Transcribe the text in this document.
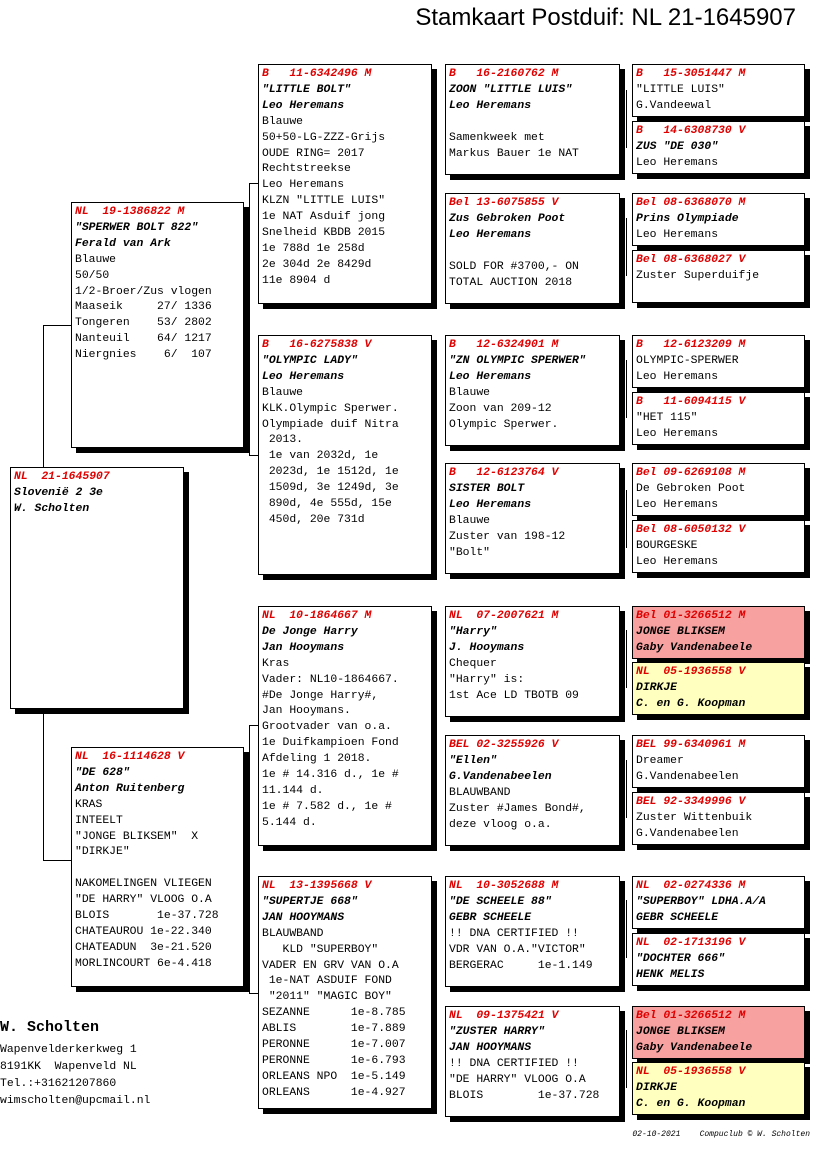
Stamkaart Postduif: NL 21-1645907
NL  21-1645907
Slovenië 2 3e
W. Scholten
NL  19-1386822 M
"SPERWER BOLT 822"
Ferald van Ark
Blauwe
50/50
1/2-Broer/Zus vlogen
Maaseik     27/ 1336
Tongeren    53/ 2802
Nanteuil    64/ 1217
Niergnies    6/  107
NL  16-1114628 V
"DE 628"
Anton Ruitenberg
KRAS
INTEELT
"JONGE BLIKSEM"  X
"DIRKJE"
NAKOMELINGEN VLIEGEN
"DE HARRY" VLOOG O.A
BLOIS       1e-37.728
CHATEAUROU 1e-22.340
CHATEADUN  3e-21.520
MORLINCOURT 6e-4.418
B   11-6342496 M
"LITTLE BOLT"
Leo Heremans
Blauwe
50+50-LG-ZZZ-Grijs
OUDE RING= 2017
Rechtstreekse
Leo Heremans
KLZN "LITTLE LUIS"
1e NAT Asduif jong
Snelheid KBDB 2015
1e 788d 1e 258d
2e 304d 2e 8429d
11e 8904 d
B   16-6275838 V
"OLYMPIC LADY"
Leo Heremans
Blauwe
KLK.Olympic Sperwer.
Olympiade duif Nitra
2013.
1e van 2032d, 1e
2023d, 1e 1512d, 1e
1509d, 3e 1249d, 3e
890d, 4e 555d, 15e
450d, 20e 731d
NL  10-1864667 M
De Jonge Harry
Jan Hooymans
Kras
Vader: NL10-1864667.
#De Jonge Harry#,
Jan Hooymans.
Grootvader van o.a.
1e Duifkampioen Fond
Afdeling 1 2018.
1e # 14.316 d., 1e #
11.144 d.
1e # 7.582 d., 1e #
5.144 d.
NL  13-1395668 V
"SUPERTJE 668"
JAN HOOYMANS
BLAUWBAND
KLD "SUPERBOY"
VADER EN GRV VAN O.A
1e-NAT ASDUIF FOND
"2011" "MAGIC BOY"
SEZANNE      1e-8.785
ABLIS        1e-7.889
PERONNE      1e-7.007
PERONNE      1e-6.793
ORLEANS NPO  1e-5.149
ORLEANS      1e-4.927
B   16-2160762 M
ZOON "LITTLE LUIS"
Leo Heremans
Samenkweek met
Markus Bauer 1e NAT
Bel 13-6075855 V
Zus Gebroken Poot
Leo Heremans
SOLD FOR #3700,- ON
TOTAL AUCTION 2018
B   12-6324901 M
"ZN OLYMPIC SPERWER"
Leo Heremans
Blauwe
Zoon van 209-12
Olympic Sperwer.
B   12-6123764 V
SISTER BOLT
Leo Heremans
Blauwe
Zuster van 198-12
"Bolt"
NL  07-2007621 M
"Harry"
J. Hooymans
Chequer
"Harry" is:
1st Ace LD TBOTB 09
BEL 02-3255926 V
"Ellen"
G.Vandenabeelen
BLAUWBAND
Zuster #James Bond#,
deze vloog o.a.
NL  10-3052688 M
"DE SCHEELE 88"
GEBR SCHEELE
!! DNA CERTIFIED !!
VDR VAN O.A."VICTOR"
BERGERAC     1e-1.149
NL  09-1375421 V
"ZUSTER HARRY"
JAN HOOYMANS
!! DNA CERTIFIED !!
"DE HARRY" VLOOG O.A
BLOIS        1e-37.728
B   15-3051447 M
"LITTLE LUIS"
G.Vandeewal
B   14-6308730 V
ZUS "DE 030"
Leo Heremans
Bel 08-6368070 M
Prins Olympiade
Leo Heremans
Bel 08-6368027 V
Zuster Superduifje
B   12-6123209 M
OLYMPIC-SPERWER
Leo Heremans
B   11-6094115 V
"HET 115"
Leo Heremans
Bel 09-6269108 M
De Gebroken Poot
Leo Heremans
Bel 08-6050132 V
BOURGESKE
Leo Heremans
Bel 01-3266512 M
JONGE BLIKSEM
Gaby Vandenabeele
NL  05-1936558 V
DIRKJE
C. en G. Koopman
BEL 99-6340961 M
Dreamer
G.Vandenabeelen
BEL 92-3349996 V
Zuster Wittenbuik
G.Vandenabeelen
NL  02-0274336 M
"SUPERBOY" LDHA.A/A
GEBR SCHEELE
NL  02-1713196 V
"DOCHTER 666"
HENK MELIS
Bel 01-3266512 M
JONGE BLIKSEM
Gaby Vandenabeele
NL  05-1936558 V
DIRKJE
C. en G. Koopman
W. Scholten
Wapenvelderkerkweg 1
8191KK  Wapenveld NL
Tel.:+31621207860
wimscholten@upcmail.nl
02-10-2021    Compuclub © W. Scholten
